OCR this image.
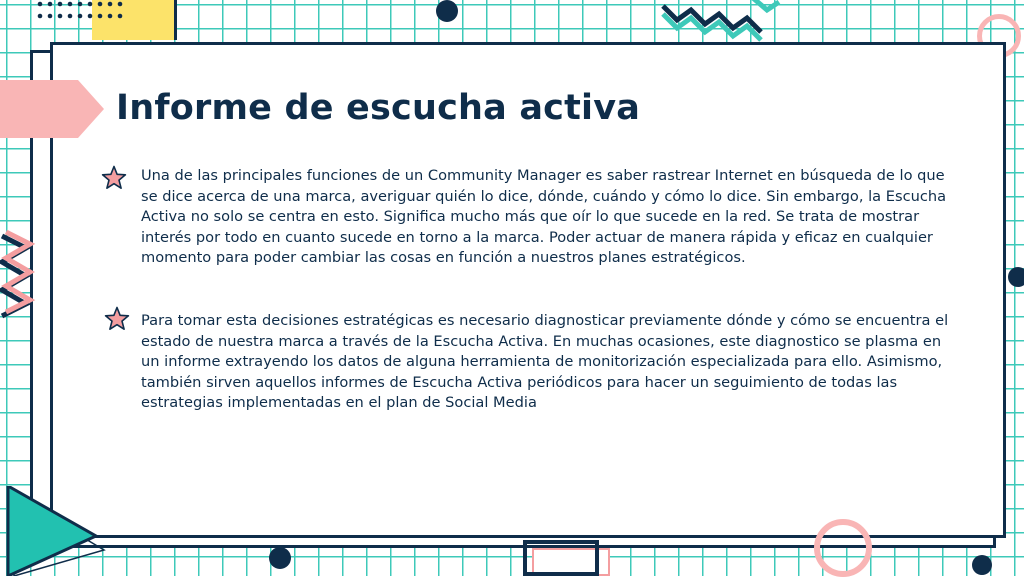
Informe de escucha activa

Una de las principales funciones de un Community Manager es saber rastrear Internet en búsqueda de lo que se dice acerca de una marca, averiguar quién lo dice, dónde, cuándo y cómo lo dice. Sin embargo, la Escucha Activa no solo se centra en esto. Significa mucho más que oír lo que sucede en la red. Se trata de mostrar interés por todo en cuanto sucede en torno a la marca. Poder actuar de manera rápida y eficaz en cualquier momento para poder cambiar las cosas en función a nuestros planes estratégicos.

Para tomar esta decisiones estratégicas es necesario diagnosticar previamente dónde y cómo se encuentra el estado de nuestra marca a través de la Escucha Activa. En muchas ocasiones, este diagnostico se plasma en un informe extrayendo los datos de alguna herramienta de monitorización especializada para ello. Asimismo, también sirven aquellos informes de Escucha Activa periódicos para hacer un seguimiento de todas las estrategias implementadas en el plan de Social Media
